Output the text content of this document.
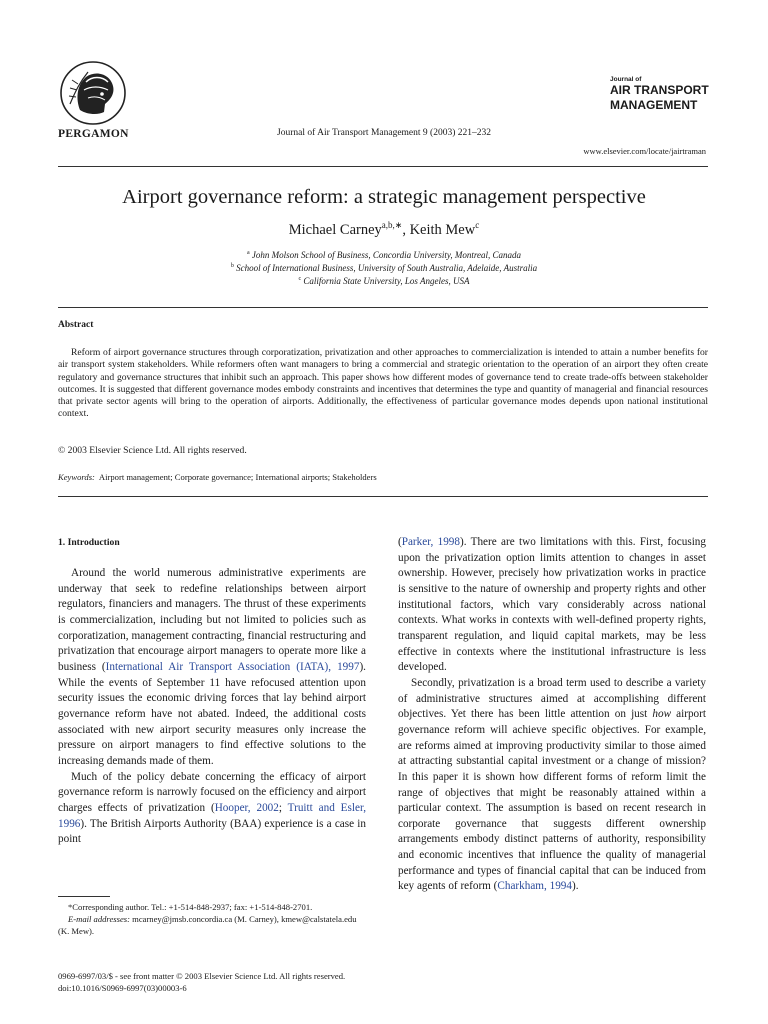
PERGAMON	Journal of Air Transport Management 9 (2003) 221–232
Journal of
AIR TRANSPORT
MANAGEMENT
www.elsevier.com/locate/jairtraman
Airport governance reform: a strategic management perspective
Michael Carney$^{a,b,∗}$, Keith Mew$^c$
$^a$ John Molson School of Business, Concordia University, Montreal, Canada
$^b$ School of International Business, University of South Australia, Adelaide, Australia
$^c$ California State University, Los Angeles, USA
Abstract

Reform of airport governance structures through corporatization, privatization and other approaches to commercialization is intended to attain a number benefits for air transport system stakeholders. While reformers often want managers to bring a commercial and strategic orientation to the operation of an airport they often create regulatory and governance structures that inhibit such an approach. This paper shows how different modes of governance tend to create trade-offs between stakeholder outcomes. It is suggested that different governance modes embody constraints and incentives that determines the type and quantity of managerial and financial resources that private sector agents will bring to the operation of airports. Additionally, the effectiveness of particular governance modes depends upon national institutional context.

© 2003 Elsevier Science Ltd. All rights reserved.
Keywords: Airport management; Corporate governance; International airports; Stakeholders
1. Introduction

Around the world numerous administrative experiments are underway that seek to redefine relationships between airport regulators, financiers and managers. The thrust of these experiments is commercialization, including but not limited to policies such as corporatization, management contracting, financial restructuring and privatization that encourage airport managers to operate more like a business (International Air Transport Association (IATA), 1997). While the events of September 11 have refocused attention upon security issues the economic driving forces that lay behind airport governance reform have not abated. Indeed, the additional costs associated with new airport security measures only increase the pressure on airport managers to find effective solutions to the increasing demands made of them.

Much of the policy debate concerning the efficacy of airport governance reform is narrowly focused on the efficiency and airport charges effects of privatization (Hooper, 2002; Truitt and Esler, 1996). The British Airports Authority (BAA) experience is a case in point

*Corresponding author. Tel.: +1-514-848-2937; fax: +1-514-848-2701.
E-mail addresses: mcarney@jmsb.concordia.ca (M. Carney), kmew@calstatela.edu (K. Mew).

(Parker, 1998). There are two limitations with this. First, focusing upon the privatization option limits attention to changes in asset ownership. However, precisely how privatization works in practice is sensitive to the nature of ownership and property rights and other institutional factors, which vary considerably across national contexts. What works in contexts with well-defined property rights, transparent regulation, and liquid capital markets, may be less effective in contexts where the institutional infrastructure is less developed.

Secondly, privatization is a broad term used to describe a variety of administrative structures aimed at accomplishing different objectives. Yet there has been little attention on just how airport governance reform will achieve specific objectives. For example, are reforms aimed at improving productivity similar to those aimed at attracting substantial capital investment or a change of mission? In this paper it is shown how different forms of reform limit the range of objectives that might be reasonably attained within a particular context. The assumption is based on recent research in corporate governance that suggests different ownership arrangements embody distinct patterns of authority, responsibility and economic incentives that influence the quality of managerial performance and types of financial capital that can be induced from key agents of reform (Charkham, 1994).

0969-6997/03/$ - see front matter © 2003 Elsevier Science Ltd. All rights reserved.
doi:10.1016/S0969-6997(03)00003-6
